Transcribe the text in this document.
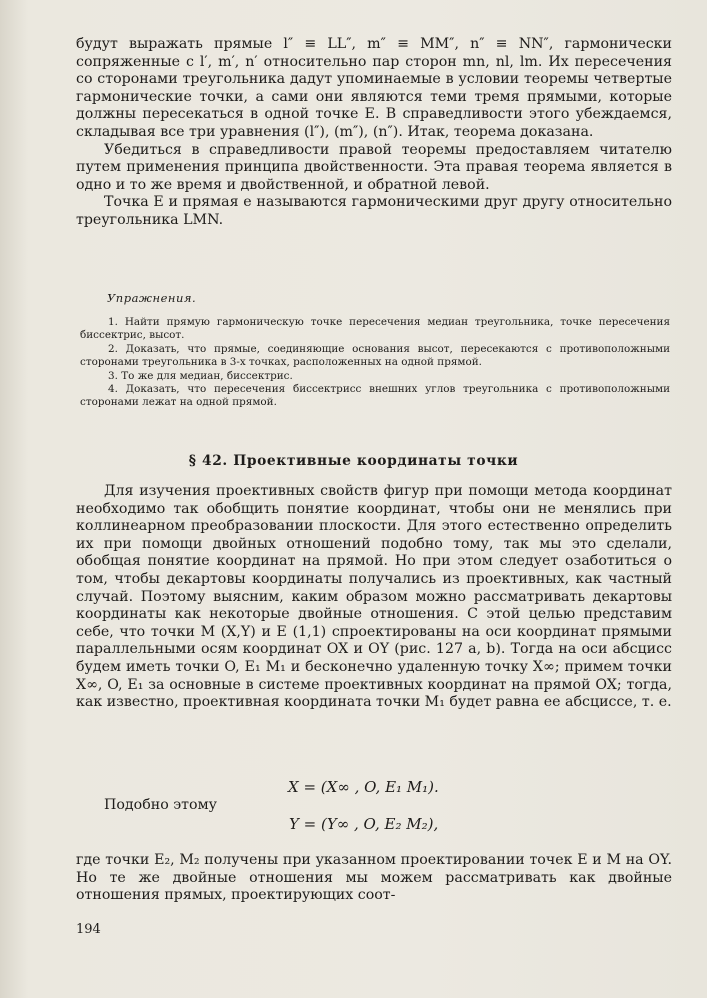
будут выражать прямые l″ ≡ LL″, m″ ≡ MM″, n″ ≡ NN″, гармонически сопряженные с l′, m′, n′ относительно пар сторон mn, nl, lm. Их пересечения со сторонами треугольника дадут упоминаемые в условии теоремы четвертые гармонические точки, а сами они являются теми тремя прямыми, которые должны пересекаться в одной точке E. В справедливости этого убеждаемся, складывая все три уравнения (l″), (m″), (n″). Итак, теорема доказана.

Убедиться в справедливости правой теоремы предоставляем читателю путем применения принципа двойственности. Эта правая теорема является в одно и то же время и двойственной, и обратной левой.

Точка E и прямая e называются гармоническими друг другу относительно треугольника LMN.

Упражнения.

1. Найти прямую гармоническую точке пересечения медиан треугольника, точке пересечения биссектрис, высот.

2. Доказать, что прямые, соединяющие основания высот, пересекаются с противоположными сторонами треугольника в 3-х точках, расположенных на одной прямой.

3. То же для медиан, биссектрис.

4. Доказать, что пересечения биссектрисс внешних углов треугольника с противоположными сторонами лежат на одной прямой.

§ 42. Проективные координаты точки

Для изучения проективных свойств фигур при помощи метода координат необходимо так обобщить понятие координат, чтобы они не менялись при коллинеарном преобразовании плоскости. Для этого естественно определить их при помощи двойных отношений подобно тому, так мы это сделали, обобщая понятие координат на прямой. Но при этом следует озаботиться о том, чтобы декартовы координаты получались из проективных, как частный случай. Поэтому выясним, каким образом можно рассматривать декартовы координаты как некоторые двойные отношения. С этой целью представим себе, что точки M (X,Y) и E (1,1) спроектированы на оси координат прямыми параллельными осям координат OX и OY (рис. 127 a, b). Тогда на оси абсцисс будем иметь точки O, E₁ M₁ и бесконечно удаленную точку X∞; примем точки X∞, O, E₁ за основные в системе проективных координат на прямой OX; тогда, как известно, проективная координата точки M₁ будет равна ее абсциссе, т. е.

X = (X∞ , O, E₁ M₁).
Подобно этому
Y = (Y∞ , O, E₂ M₂),

где точки E₂, M₂ получены при указанном проектировании точек E и M на OY. Но те же двойные отношения мы можем рассматривать как двойные отношения прямых, проектирующих соот-

194
